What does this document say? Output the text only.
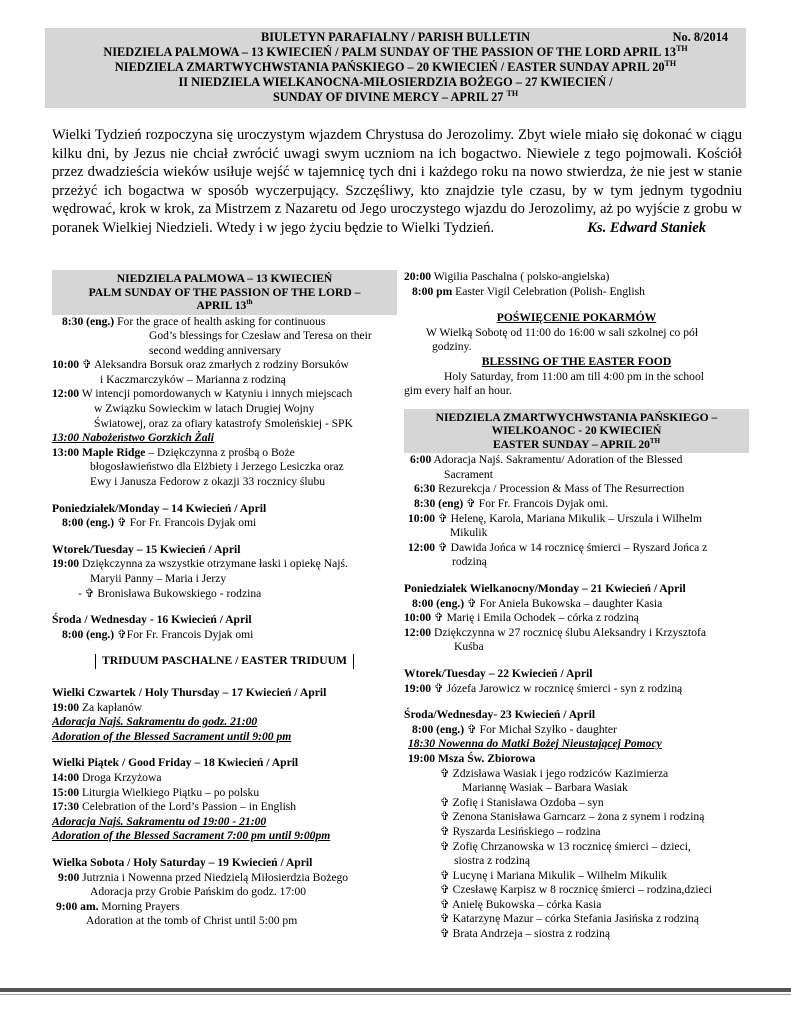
BIULETYN PARAFIALNY / PARISH BULLETIN	No. 8/2014
NIEDZIELA PALMOWA – 13 KWIECIEŃ / PALM SUNDAY OF THE PASSION OF THE LORD APRIL 13TH
NIEDZIELA ZMARTWYCHWSTANIA PAŃSKIEGO – 20 KWIECIEŃ / EASTER SUNDAY APRIL 20TH
II NIEDZIELA WIELKANOCNA-MIŁOSIERDZIA BOŻEGO – 27 KWIECIEŃ /
SUNDAY OF DIVINE MERCY – APRIL 27 $^{TH}$
Wielki Tydzień rozpoczyna się uroczystym wjazdem Chrystusa do Jerozolimy. Zbyt wiele miało się dokonać w ciągu kilku dni, by Jezus nie chciał zwrócić uwagi swym uczniom na ich bogactwo. Niewiele z tego pojmowali. Kościół przez dwadzieścia wieków usiłuje wejść w tajemnicę tych dni i każdego roku na nowo stwierdza, że nie jest w stanie przeżyć ich bogactwa w sposób wyczerpujący. Szczęśliwy, kto znajdzie tyle czasu, by w tym jednym tygodniu wędrować, krok w krok, za Mistrzem z Nazaretu od Jego uroczystego wjazdu do Jerozolimy, aż po wyjście z grobu w poranek Wielkiej Niedzieli. Wtedy i w jego życiu będzie to Wielki Tydzień.	Ks. Edward Staniek
NIEDZIELA PALMOWA – 13 KWIECIEŃ
PALM SUNDAY OF THE PASSION OF THE LORD –
APRIL 13th

8:30 (eng.) For the grace of health asking for continuous

God’s blessings for Czesław and Teresa on their

second wedding anniversary

10:00 ✞ Aleksandra Borsuk oraz zmarłych z rodziny Borsuków

i Kaczmarczyków – Marianna z rodziną

12:00 W intencji pomordowanych w Katyniu i innych miejscach

w Związku Sowieckim w latach Drugiej Wojny

Światowej, oraz za ofiary katastrofy Smoleńskiej - SPK

13:00 Nabożeństwo Gorzkich Żali

13:00 Maple Ridge – Dziękczynna z prośbą o Boże

błogosławieństwo dla Elżbiety i Jerzego Lesiczka oraz

Ewy i Janusza Fedorow z okazji 33 rocznicy ślubu

Poniedziałek/Monday – 14 Kwiecień / April

8:00 (eng.) ✞ For Fr. Francois Dyjak omi

Wtorek/Tuesday – 15 Kwiecień / April

19:00 Dziękczynna za wszystkie otrzymane łaski i opiekę Najś.

Maryii Panny – Maria i Jerzy

- ✞ Bronisława Bukowskiego - rodzina

Środa / Wednesday - 16 Kwiecień / April

8:00 (eng.) ✞For Fr. Francois Dyjak omi

TRIDUUM PASCHALNE / EASTER TRIDUUM

Wielki Czwartek / Holy Thursday – 17 Kwiecień / April

19:00 Za kapłanów

Adoracja Najś. Sakramentu do godz. 21:00

Adoration of the Blessed Sacrament until 9:00 pm

Wielki Piątek / Good Friday – 18 Kwiecień / April

14:00 Droga Krzyżowa

15:00 Liturgia Wielkiego Piątku – po polsku

17:30 Celebration of the Lord’s Passion – in English

Adoracja Najś. Sakramentu od 19:00 - 21:00

Adoration of the Blessed Sacrament 7:00 pm until 9:00pm

Wielka Sobota / Holy Saturday – 19 Kwiecień / April

9:00 Jutrznia i Nowenna przed Niedzielą Miłosierdzia Bożego

Adoracja przy Grobie Pańskim do godz. 17:00

9:00 am. Morning Prayers

Adoration at the tomb of Christ until 5:00 pm

20:00 Wigilia Paschalna ( polsko-angielska)

8:00 pm Easter Vigil Celebration (Polish- English

POŚWIĘCENIE POKARMÓW

W Wielką Sobotę od 11:00 do 16:00 w sali szkolnej co pół

godziny.

BLESSING OF THE EASTER FOOD

Holy Saturday, from 11:00 am till 4:00 pm in the school

gim every half an hour.

NIEDZIELA ZMARTWYCHWSTANIA PAŃSKIEGO –
WIELKOANOC - 20 KWIECIEŃ
EASTER SUNDAY – APRIL 20TH

6:00 Adoracja Najś. Sakramentu/ Adoration of the Blessed

Sacrament

6:30 Rezurekcja / Procession & Mass of The Resurrection

8:30 (eng) ✞ For Fr. Francois Dyjak omi.

10:00 ✞ Helenę, Karola, Mariana Mikulik – Urszula i Wilhelm

Mikulik

12:00 ✞ Dawida Jońca w 14 rocznicę śmierci – Ryszard Jońca z

rodziną

Poniedziałek Wielkanocny/Monday – 21 Kwiecień / April

8:00 (eng.) ✞ For Aniela Bukowska – daughter Kasia

10:00 ✞ Marię i Emila Ochodek – córka z rodziną

12:00 Dziękczynna w 27 rocznicę ślubu Aleksandry i Krzysztofa

Kuśba

Wtorek/Tuesday – 22 Kwiecień / April

19:00 ✞ Józefa Jarowicz w rocznicę śmierci - syn z rodziną

Środa/Wednesday- 23 Kwiecień / April

8:00 (eng.) ✞ For Michał Szyłko - daughter

18:30 Nowenna do Matki Bożej Nieustającej Pomocy

19:00 Msza Św. Zbiorowa

✞ Zdzisława Wasiak i jego rodziców Kazimierza

Mariannę Wasiak – Barbara Wasiak

✞ Zofię i Stanisława Ozdoba – syn

✞ Zenona Stanisława Garncarz – żona z synem i rodziną

✞ Ryszarda Lesińskiego – rodzina

✞ Zofię Chrzanowska w 13 rocznicę śmierci – dzieci,

siostra z rodziną

✞ Lucynę i Mariana Mikulik – Wilhelm Mikulik

✞ Czesławę Karpisz w 8 rocznicę śmierci – rodzina,dzieci

✞ Anielę Bukowska – córka Kasia

✞ Katarzynę Mazur – córka Stefania Jasińska z rodziną

✞ Brata Andrzeja – siostra z rodziną
